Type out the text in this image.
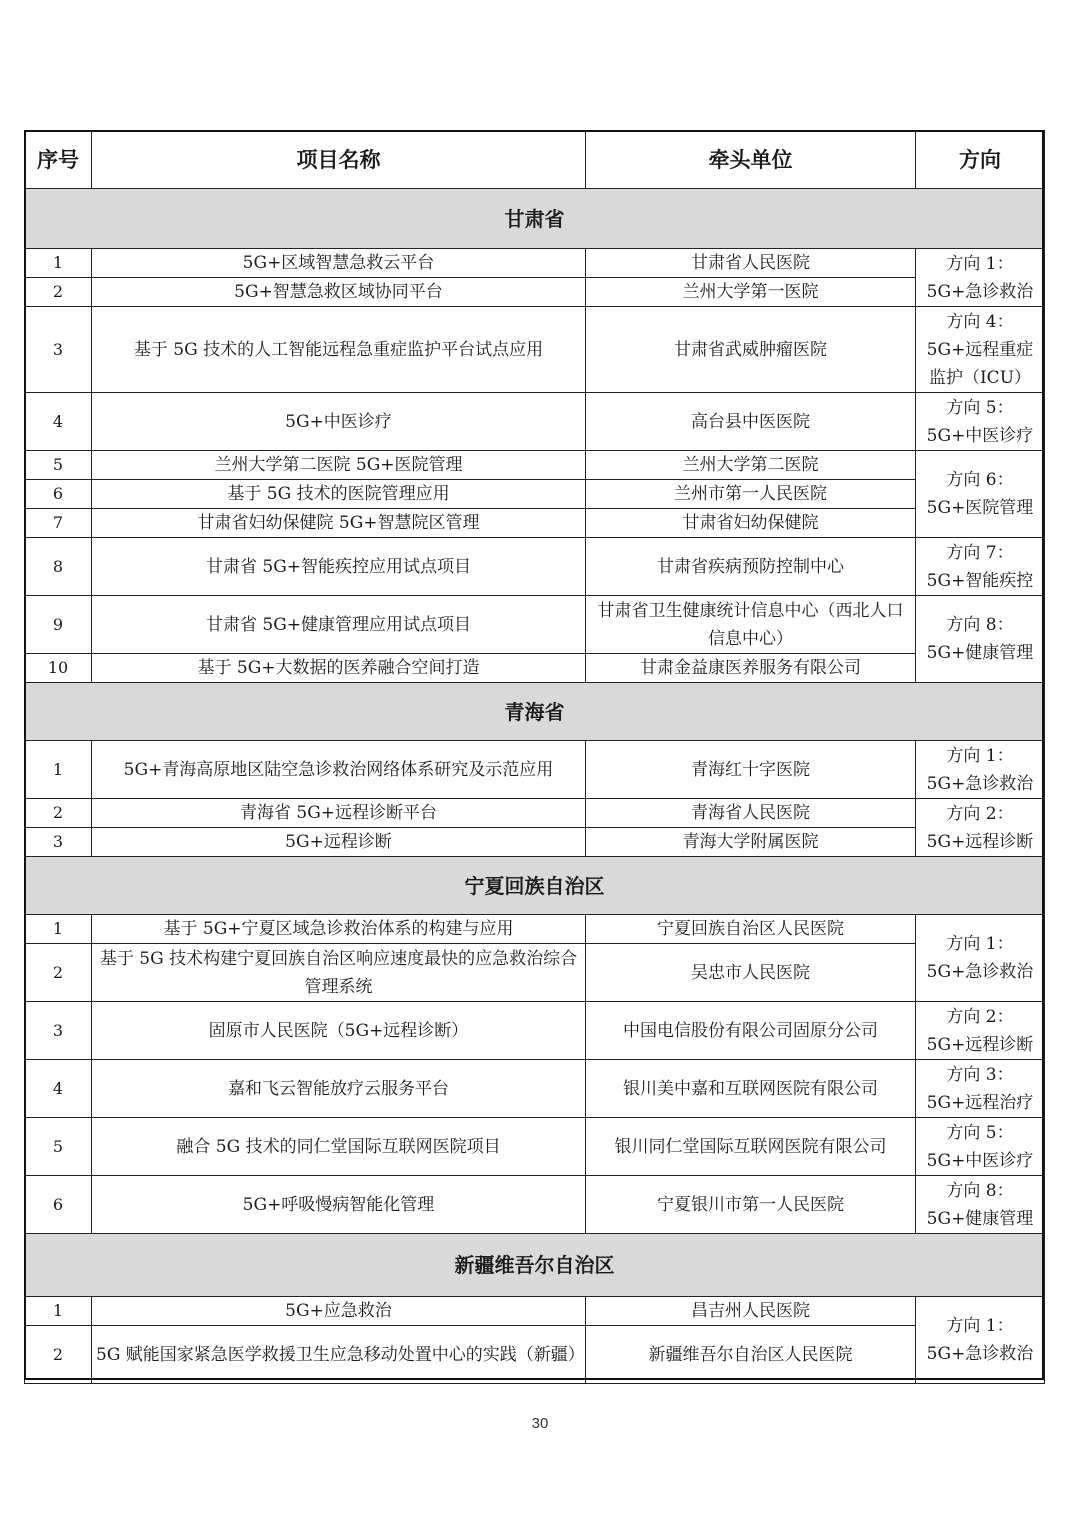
序号	项目名称	牵头单位	方向
甘肃省			
1	5G+区域智慧急救云平台	甘肃省人民医院	方向 1：5G+急诊救治
2	5G+智慧急救区域协同平台	兰州大学第一医院	
3	基于 5G 技术的人工智能远程急重症监护平台试点应用	甘肃省武威肿瘤医院	方向 4：5G+远程重症监护（ICU）
4	5G+中医诊疗	高台县中医医院	方向 5：5G+中医诊疗
5	兰州大学第二医院 5G+医院管理	兰州大学第二医院	方向 6：5G+医院管理
6	基于 5G 技术的医院管理应用	兰州市第一人民医院	
7	甘肃省妇幼保健院 5G+智慧院区管理	甘肃省妇幼保健院	
8	甘肃省 5G+智能疾控应用试点项目	甘肃省疾病预防控制中心	方向 7：5G+智能疾控
9	甘肃省 5G+健康管理应用试点项目	甘肃省卫生健康统计信息中心（西北人口信息中心）	方向 8：5G+健康管理
10	基于 5G+大数据的医养融合空间打造	甘肃金益康医养服务有限公司	
青海省			
1	5G+青海高原地区陆空急诊救治网络体系研究及示范应用	青海红十字医院	方向 1：5G+急诊救治
2	青海省 5G+远程诊断平台	青海省人民医院	方向 2：5G+远程诊断
3	5G+远程诊断	青海大学附属医院	
宁夏回族自治区			
1	基于 5G+宁夏区域急诊救治体系的构建与应用	宁夏回族自治区人民医院	方向 1：5G+急诊救治
2	基于 5G 技术构建宁夏回族自治区响应速度最快的应急救治综合管理系统	吴忠市人民医院	
3	固原市人民医院（5G+远程诊断）	中国电信股份有限公司固原分公司	方向 2：5G+远程诊断
4	嘉和飞云智能放疗云服务平台	银川美中嘉和互联网医院有限公司	方向 3：5G+远程治疗
5	融合 5G 技术的同仁堂国际互联网医院项目	银川同仁堂国际互联网医院有限公司	方向 5：5G+中医诊疗
6	5G+呼吸慢病智能化管理	宁夏银川市第一人民医院	方向 8：5G+健康管理
新疆维吾尔自治区			
1	5G+应急救治	昌吉州人民医院	方向 1：5G+急诊救治
2	5G 赋能国家紧急医学救援卫生应急移动处置中心的实践（新疆）	新疆维吾尔自治区人民医院	
30
